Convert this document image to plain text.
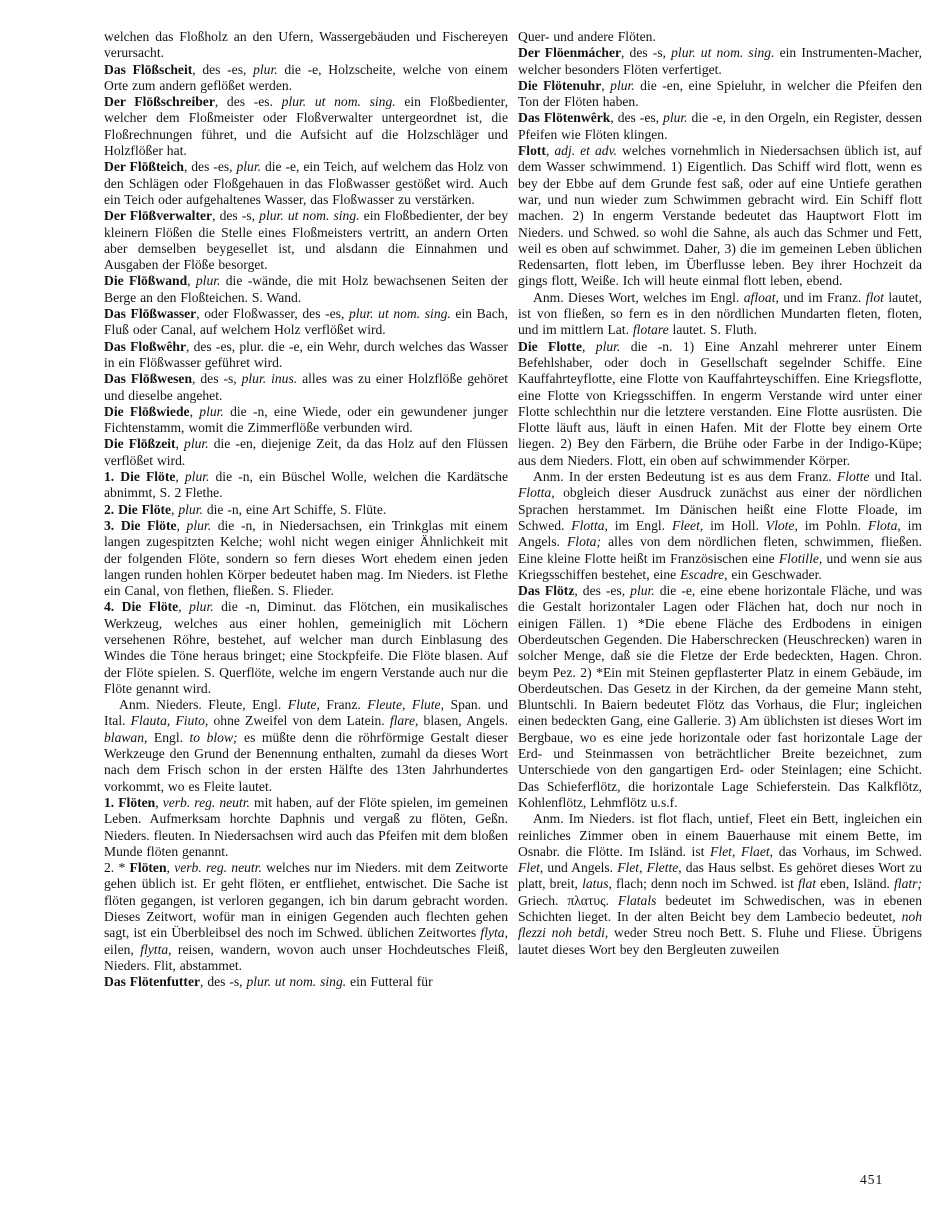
welchen das Floßholz an den Ufern, Wassergebäuden und Fischereyen verursacht.

Das Flōßscheit, des -es, plur. die -e, Holzscheite, welche von einem Orte zum andern geflößet werden.

Der Flōßschreiber, des -es. plur. ut nom. sing. ein Floßbedienter, welcher dem Floßmeister oder Floßverwalter untergeordnet ist, die Floßrechnungen führet, und die Aufsicht auf die Holzschläger und Holzflößer hat.

Der Flōßteich, des -es, plur. die -e, ein Teich, auf welchem das Holz von den Schlägen oder Floßgehauen in das Floßwasser gestößet wird. Auch ein Teich oder aufgehaltenes Wasser, das Floßwasser zu verstärken.

Der Flōßverwalter, des -s, plur. ut nom. sing. ein Floßbedienter, der bey kleinern Flößen die Stelle eines Floßmeisters vertritt, an andern Orten aber demselben beygesellet ist, und alsdann die Einnahmen und Ausgaben der Flöße besorget.

Die Flōßwand, plur. die -wände, die mit Holz bewachsenen Seiten der Berge an den Floßteichen. S. Wand.

Das Flōßwasser, oder Floßwasser, des -es, plur. ut nom. sing. ein Bach, Fluß oder Canal, auf welchem Holz verflößet wird.

Das Floßwêhr, des -es, plur. die -e, ein Wehr, durch welches das Wasser in ein Flößwasser geführet wird.

Das Flōßwesen, des -s, plur. inus. alles was zu einer Holzflöße gehöret und dieselbe angehet.

Die Flōßwiede, plur. die -n, eine Wiede, oder ein gewundener junger Fichtenstamm, womit die Zimmerflöße verbunden wird.

Die Flōßzeit, plur. die -en, diejenige Zeit, da das Holz auf den Flüssen verflößet wird.

1. Die Flöte, plur. die -n, ein Büschel Wolle, welchen die Kardätsche abnimmt, S. 2 Flethe.

2. Die Flöte, plur. die -n, eine Art Schiffe, S. Flüte.

3. Die Flöte, plur. die -n, in Niedersachsen, ein Trinkglas mit einem langen zugespitzten Kelche; wohl nicht wegen einiger Ähnlichkeit mit der folgenden Flöte, sondern so fern dieses Wort ehedem einen jeden langen runden hohlen Körper bedeutet haben mag. Im Nieders. ist Flethe ein Canal, von flethen, fließen. S. Flieder.

4. Die Flöte, plur. die -n, Diminut. das Flötchen, ein musikalisches Werkzeug, welches aus einer hohlen, gemeiniglich mit Löchern versehenen Röhre, bestehet, auf welcher man durch Einblasung des Windes die Töne heraus bringet; eine Stockpfeife. Die Flöte blasen. Auf der Flöte spielen. S. Querflöte, welche im engern Verstande auch nur die Flöte genannt wird.

Anm. Nieders. Fleute, Engl. Flute, Franz. Fleute, Flute, Span. und Ital. Flauta, Fiuto, ohne Zweifel von dem Latein. flare, blasen, Angels. blawan, Engl. to blow; es müßte denn die röhrförmige Gestalt dieser Werkzeuge den Grund der Benennung enthalten, zumahl da dieses Wort nach dem Frisch schon in der ersten Hälfte des 13ten Jahrhundertes vorkommt, wo es Fleite lautet.

1. Flöten, verb. reg. neutr. mit haben, auf der Flöte spielen, im gemeinen Leben. Aufmerksam horchte Daphnis und vergaß zu flöten, Geßn. Nieders. fleuten. In Niedersachsen wird auch das Pfeifen mit dem bloßen Munde flöten genannt.

2. * Flöten, verb. reg. neutr. welches nur im Nieders. mit dem Zeitworte gehen üblich ist. Er geht flöten, er entfliehet, entwischet. Die Sache ist flöten gegangen, ist verloren gegangen, ich bin darum gebracht worden. Dieses Zeitwort, wofür man in einigen Gegenden auch flechten gehen sagt, ist ein Überbleibsel des noch im Schwed. üblichen Zeitwortes flyta, eilen, flytta, reisen, wandern, wovon auch unser Hochdeutsches Fleiß, Nieders. Flit, abstammet.

Das Flötenfutter, des -s, plur. ut nom. sing. ein Futteral für

Quer- und andere Flöten.

Der Flöenmácher, des -s, plur. ut nom. sing. ein Instrumenten-Macher, welcher besonders Flöten verfertiget.

Die Flötenuhr, plur. die -en, eine Spieluhr, in welcher die Pfeifen den Ton der Flöten haben.

Das Flötenwêrk, des -es, plur. die -e, in den Orgeln, ein Register, dessen Pfeifen wie Flöten klingen.

Flott, adj. et adv. welches vornehmlich in Niedersachsen üblich ist, auf dem Wasser schwimmend. 1) Eigentlich. Das Schiff wird flott, wenn es bey der Ebbe auf dem Grunde fest saß, oder auf eine Untiefe gerathen war, und nun wieder zum Schwimmen gebracht wird. Ein Schiff flott machen. 2) In engerm Verstande bedeutet das Hauptwort Flott im Nieders. und Schwed. so wohl die Sahne, als auch das Schmer und Fett, weil es oben auf schwimmet. Daher, 3) die im gemeinen Leben üblichen Redensarten, flott leben, im Überflusse leben. Bey ihrer Hochzeit da gings flott, Weiße. Ich will heute einmal flott leben, ebend.

Anm. Dieses Wort, welches im Engl. afloat, und im Franz. flot lautet, ist von fließen, so fern es in den nördlichen Mundarten fleten, floten, und im mittlern Lat. flotare lautet. S. Fluth.

Die Flotte, plur. die -n. 1) Eine Anzahl mehrerer unter Einem Befehlshaber, oder doch in Gesellschaft segelnder Schiffe. Eine Kauffahrteyflotte, eine Flotte von Kauffahrteyschiffen. Eine Kriegsflotte, eine Flotte von Kriegsschiffen. In engerm Verstande wird unter einer Flotte schlechthin nur die letztere verstanden. Eine Flotte ausrüsten. Die Flotte läuft aus, läuft in einen Hafen. Mit der Flotte bey einem Orte liegen. 2) Bey den Färbern, die Brühe oder Farbe in der Indigo-Küpe; aus dem Nieders. Flott, ein oben auf schwimmender Körper.

Anm. In der ersten Bedeutung ist es aus dem Franz. Flotte und Ital. Flotta, obgleich dieser Ausdruck zunächst aus einer der nördlichen Sprachen herstammet. Im Dänischen heißt eine Flotte Floade, im Schwed. Flotta, im Engl. Fleet, im Holl. Vlote, im Pohln. Flota, im Angels. Flota; alles von dem nördlichen fleten, schwimmen, fließen. Eine kleine Flotte heißt im Französischen eine Flotille, und wenn sie aus Kriegsschiffen bestehet, eine Escadre, ein Geschwader.

Das Flötz, des -es, plur. die -e, eine ebene horizontale Fläche, und was die Gestalt horizontaler Lagen oder Flächen hat, doch nur noch in einigen Fällen. 1) *Die ebene Fläche des Erdbodens in einigen Oberdeutschen Gegenden. Die Haberschrecken (Heuschrecken) waren in solcher Menge, daß sie die Fletze der Erde bedeckten, Hagen. Chron. beym Pez. 2) *Ein mit Steinen gepflasterter Platz in einem Gebäude, im Oberdeutschen. Das Gesetz in der Kirchen, da der gemeine Mann steht, Bluntschli. In Baiern bedeutet Flötz das Vorhaus, die Flur; ingleichen einen bedeckten Gang, eine Gallerie. 3) Am üblichsten ist dieses Wort im Bergbaue, wo es eine jede horizontale oder fast horizontale Lage der Erd- und Steinmassen von beträchtlicher Breite bezeichnet, zum Unterschiede von den gangartigen Erd- oder Steinlagen; eine Schicht. Das Schieferflötz, die horizontale Lage Schieferstein. Das Kalkflötz, Kohlenflötz, Lehmflötz u.s.f.

Anm. Im Nieders. ist flot flach, untief, Fleet ein Bett, ingleichen ein reinliches Zimmer oben in einem Bauerhause mit einem Bette, im Osnabr. die Flötte. Im Isländ. ist Flet, Flaet, das Vorhaus, im Schwed. Flet, und Angels. Flet, Flette, das Haus selbst. Es gehöret dieses Wort zu platt, breit, latus, flach; denn noch im Schwed. ist flat eben, Isländ. flatr; Griech. πλατυς. Flatals bedeutet im Schwedischen, was in ebenen Schichten lieget. In der alten Beicht bey dem Lambecio bedeutet, noh flezzi noh betdi, weder Streu noch Bett. S. Fluhe und Fliese. Übrigens lautet dieses Wort bey den Bergleuten zuweilen

451
